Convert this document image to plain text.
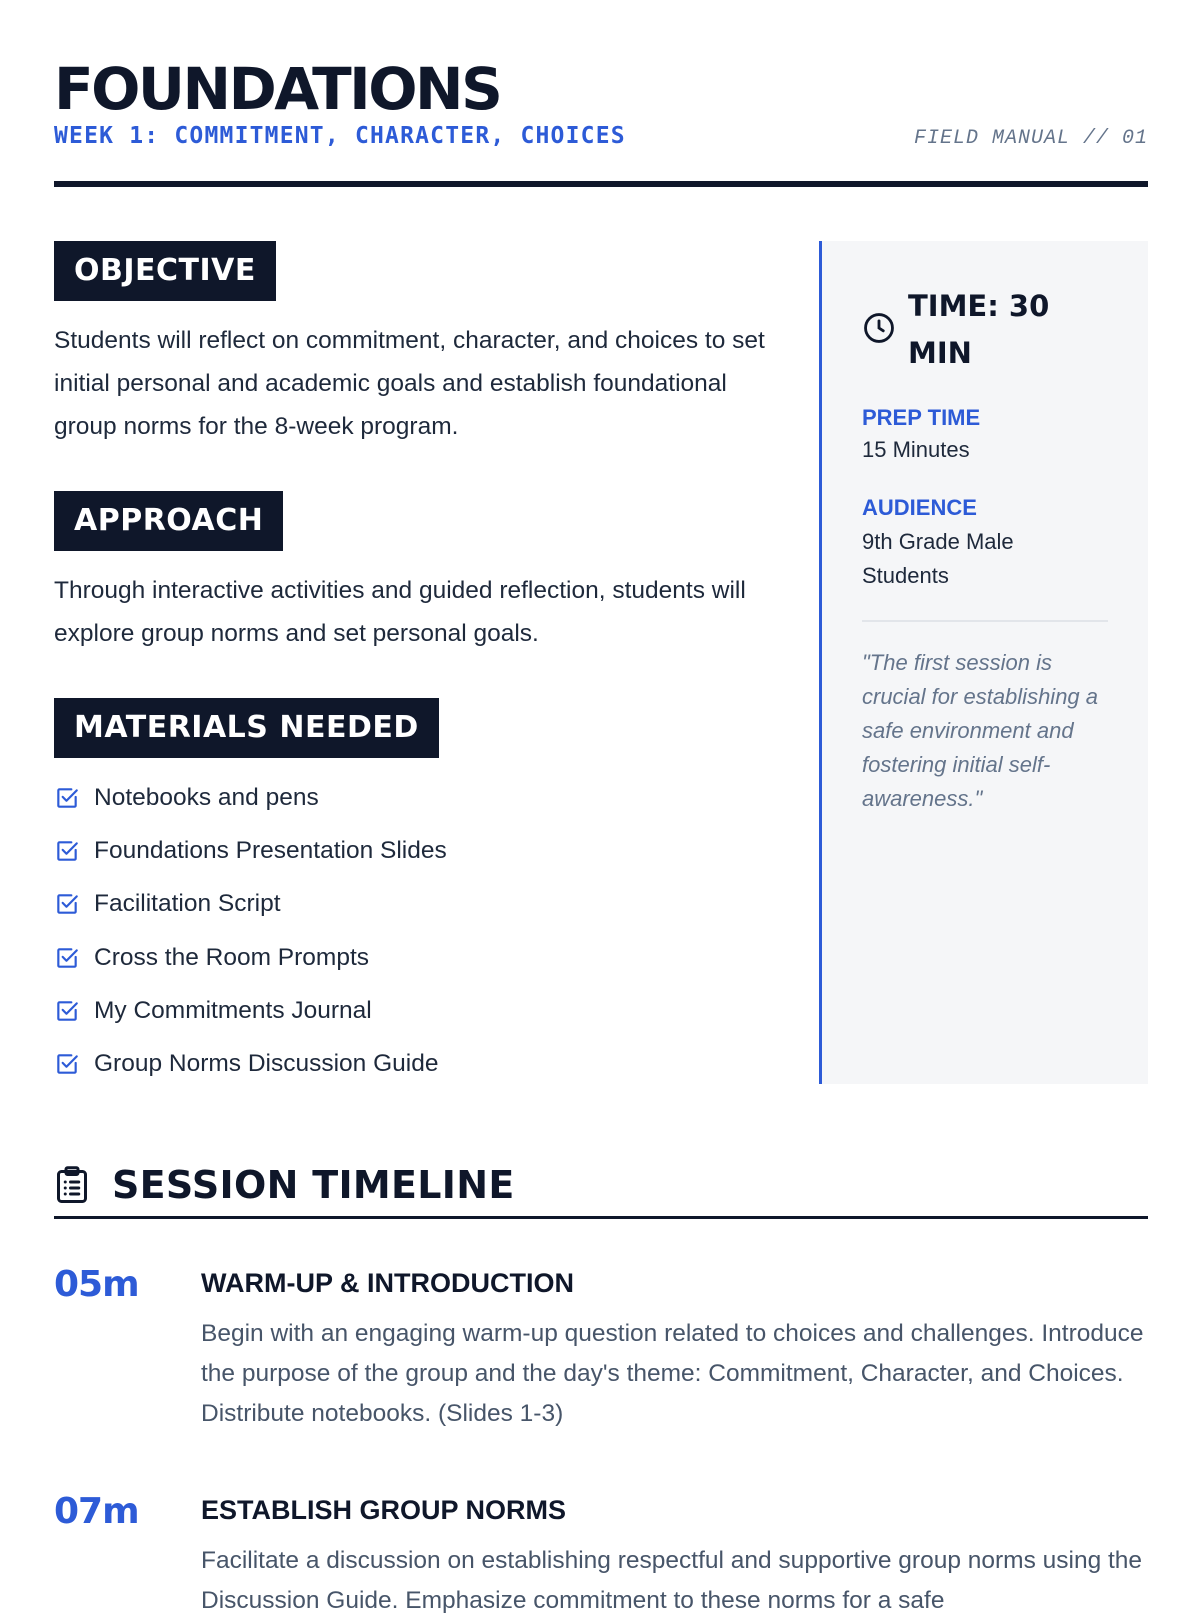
FOUNDATIONS
WEEK 1: COMMITMENT, CHARACTER, CHOICES	FIELD MANUAL // 01
OBJECTIVE

Students will reflect on commitment, character, and choices to set initial personal and academic goals and establish foundational group norms for the 8-week program.

APPROACH

Through interactive activities and guided reflection, students will explore group norms and set personal goals.

MATERIALS NEEDED
Notebooks and pens
Foundations Presentation Slides
Facilitation Script
Cross the Room Prompts
My Commitments Journal
Group Norms Discussion Guide
TIME: 30 MIN
PREP TIME
15 Minutes
AUDIENCE
9th Grade Male Students

"The first session is crucial for establishing a safe environment and fostering initial self-awareness."

SESSION TIMELINE
05m WARM-UP & INTRODUCTION

Begin with an engaging warm-up question related to choices and challenges. Introduce the purpose of the group and the day's theme: Commitment, Character, and Choices. Distribute notebooks. (Slides 1-3)

07m ESTABLISH GROUP NORMS

Facilitate a discussion on establishing respectful and supportive group norms using the Discussion Guide. Emphasize commitment to these norms for a safe
